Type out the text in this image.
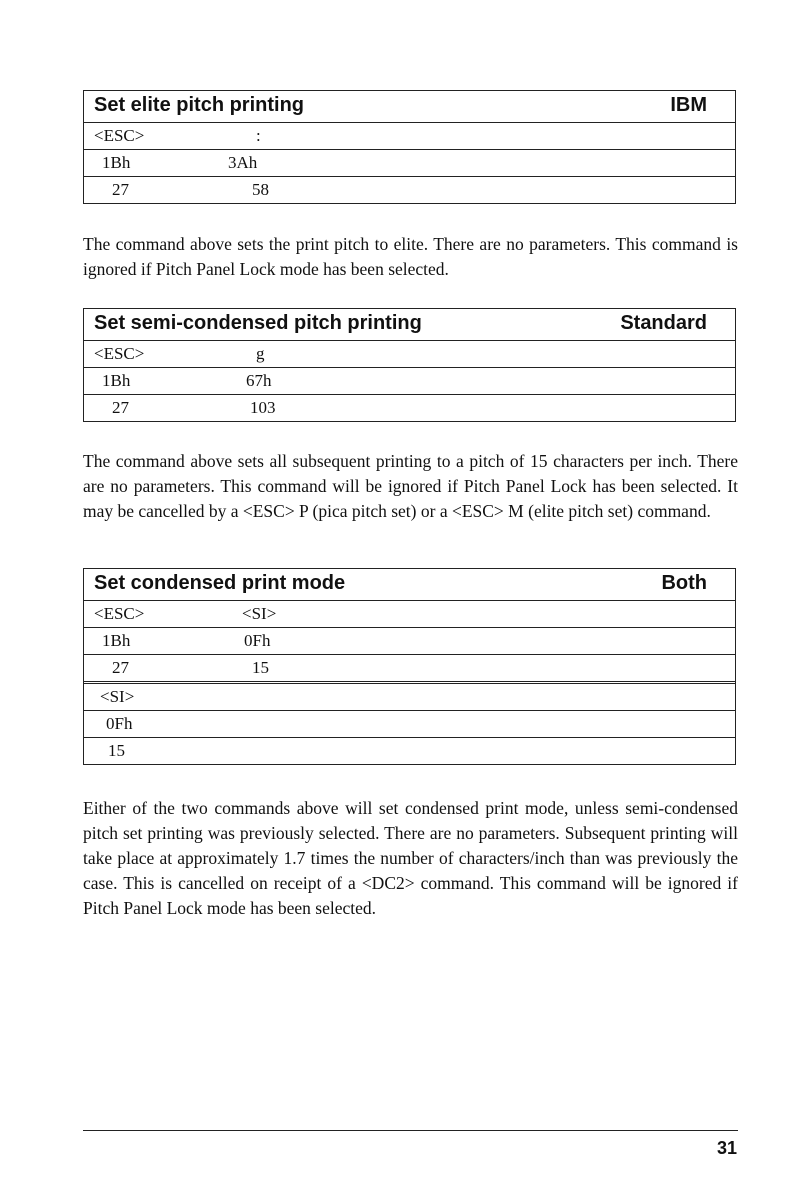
Set elite pitch printing	IBM
<ESC>	:
1Bh	3Ah
27	58

The command above sets the print pitch to elite. There are no parameters. This command is ignored if Pitch Panel Lock mode has been selected.

Set semi-condensed pitch printing	Standard
<ESC>	g
1Bh	67h
27	103

The command above sets all subsequent printing to a pitch of 15 characters per inch. There are no parameters. This command will be ignored if Pitch Panel Lock has been selected. It may be cancelled by a <ESC> P (pica pitch set) or a <ESC> M (elite pitch set) command.

Set condensed print mode	Both
<ESC>	<SI>
1Bh	0Fh
27	15
<SI>
0Fh
15

Either of the two commands above will set condensed print mode, unless semi-condensed pitch set printing was previously selected. There are no parameters. Subsequent printing will take place at approximately 1.7 times the number of characters/inch than was previously the case. This is cancelled on receipt of a <DC2> command. This command will be ignored if Pitch Panel Lock mode has been selected.

31
